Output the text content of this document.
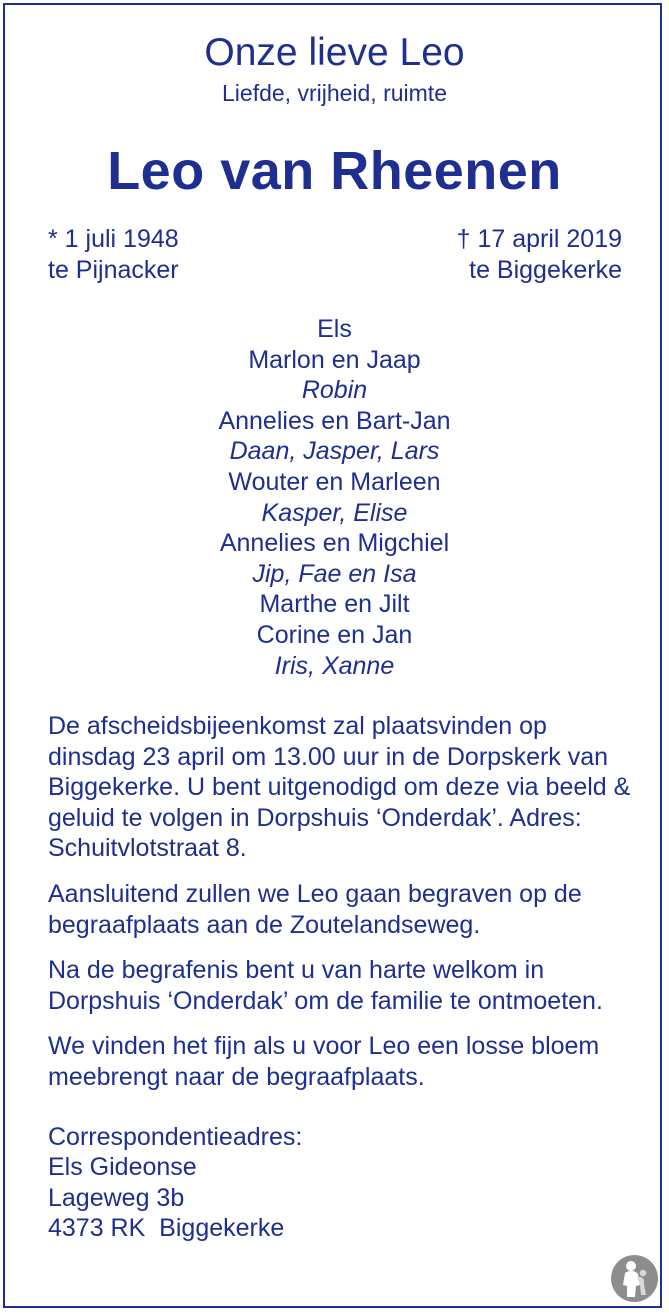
Onze lieve Leo
Liefde, vrijheid, ruimte
Leo van Rheenen
* 1 juli 1948
te Pijnacker
† 17 april 2019
te Biggekerke
Els
Marlon en Jaap
Robin
Annelies en Bart-Jan
Daan, Jasper, Lars
Wouter en Marleen
Kasper, Elise
Annelies en Migchiel
Jip, Fae en Isa
Marthe en Jilt
Corine en Jan
Iris, Xanne

De afscheidsbijeenkomst zal plaatsvinden op dinsdag 23 april om 13.00 uur in de Dorpskerk van Biggekerke. U bent uitgenodigd om deze via beeld & geluid te volgen in Dorpshuis ‘Onderdak’. Adres: Schuitvlotstraat 8.

Aansluitend zullen we Leo gaan begraven op de begraafplaats aan de Zoutelandseweg.

Na de begrafenis bent u van harte welkom in Dorpshuis ‘Onderdak’ om de familie te ontmoeten.

We vinden het fijn als u voor Leo een losse bloem meebrengt naar de begraafplaats.

Correspondentieadres:

Els Gideonse
Lageweg 3b
4373 RK  Biggekerke
